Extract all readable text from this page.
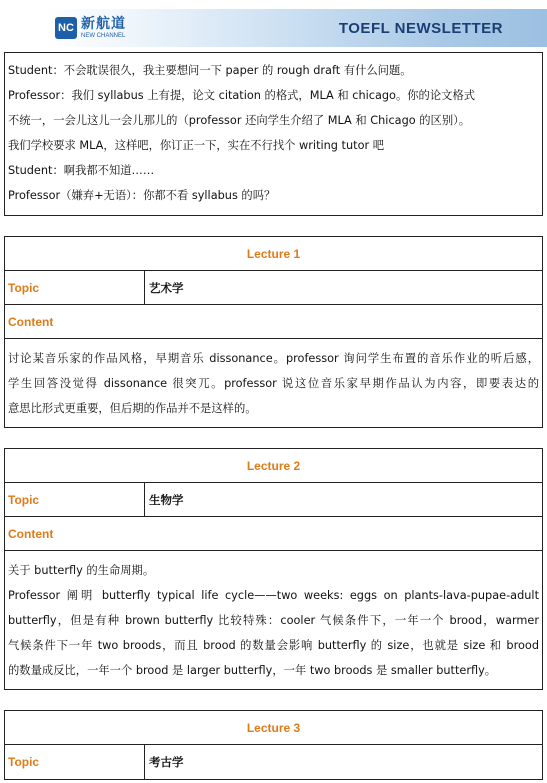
NC 新航道
NEW CHANNEL	TOEFL NEWSLETTER

Student：不会耽误很久，我主要想问一下 paper 的 rough draft 有什么问题。

Professor：我们 syllabus 上有提，论文 citation 的格式，MLA 和 chicago。你的论文格式

不统一，一会儿这儿一会儿那儿的（professor 还向学生介绍了 MLA 和 Chicago 的区别）。

我们学校要求 MLA，这样吧，你订正一下，实在不行找个 writing tutor 吧

Student：啊我都不知道……

Professor（嫌弃+无语）：你都不看 syllabus 的吗？

Lecture 1
Topic	艺术学
Content

讨论某音乐家的作品风格，早期音乐 dissonance。professor 询问学生布置的音乐作业的听后感，

学生回答没觉得 dissonance 很突兀。professor 说这位音乐家早期作品认为内容，即要表达的

意思比形式更重要，但后期的作品并不是这样的。

Lecture 2
Topic	生物学
Content

关于 butterfly 的生命周期。

Professor 阐明 butterfly typical life cycle——two weeks: eggs on plants-lava-pupae-adult

butterfly，但是有种 brown butterfly 比较特殊：cooler 气候条件下，一年一个 brood，warmer

气候条件下一年 two broods，而且 brood 的数量会影响 butterfly 的 size，也就是 size 和 brood

的数量成反比，一年一个 brood 是 larger butterfly，一年 two broods 是 smaller butterfly。

Lecture 3
Topic	考古学
